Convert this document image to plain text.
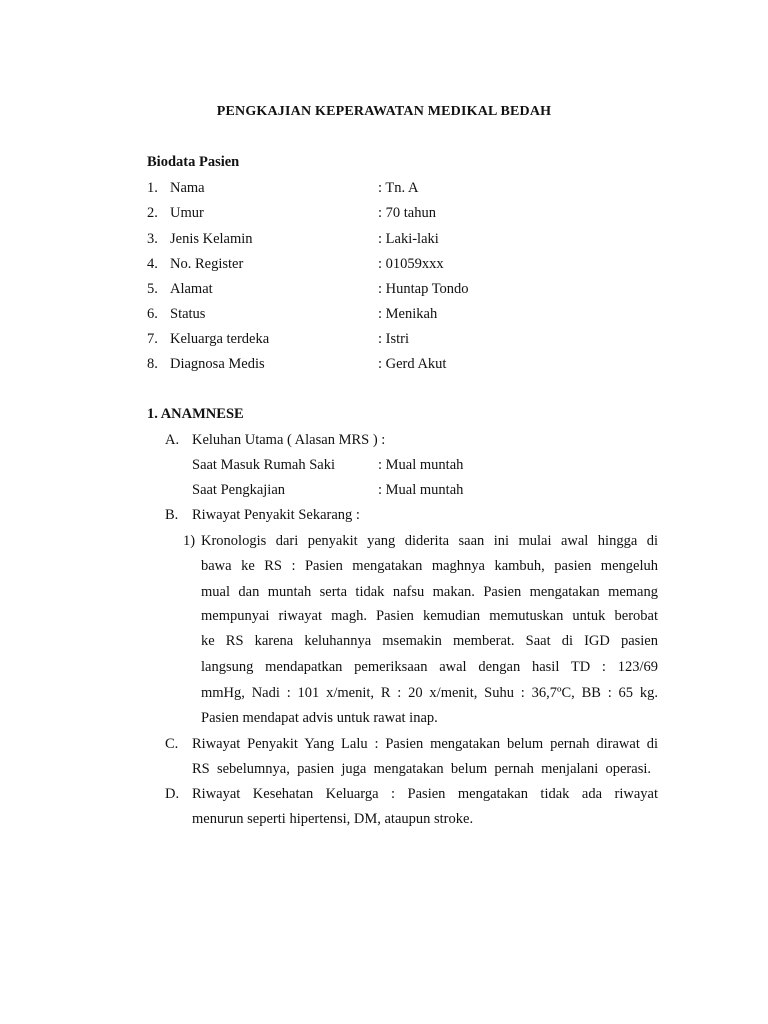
PENGKAJIAN KEPERAWATAN MEDIKAL BEDAH
Biodata Pasien
1. Nama	: Tn. A
2. Umur	: 70 tahun
3. Jenis Kelamin	: Laki-laki
4. No. Register	: 01059xxx
5. Alamat	: Huntap Tondo
6. Status	: Menikah
7. Keluarga terdeka	: Istri
8. Diagnosa Medis	: Gerd Akut
1. ANAMNESE
A. Keluhan Utama ( Alasan MRS ) :
Saat Masuk Rumah Saki	: Mual muntah
Saat Pengkajian	: Mual muntah
B. Riwayat Penyakit Sekarang :
1) Kronologis dari penyakit yang diderita saan ini mulai awal hingga di
bawa ke RS : Pasien mengatakan maghnya kambuh, pasien mengeluh
mual dan muntah serta tidak nafsu makan. Pasien mengatakan memang
mempunyai riwayat magh. Pasien kemudian memutuskan untuk berobat
ke RS karena keluhannya msemakin memberat. Saat di IGD pasien
langsung mendapatkan pemeriksaan awal dengan hasil TD : 123/69
mmHg, Nadi : 101 x/menit, R : 20 x/menit, Suhu : 36,7ºC, BB : 65 kg.
Pasien mendapat advis untuk rawat inap.
C. Riwayat Penyakit Yang Lalu : Pasien mengatakan belum pernah dirawat di
RS sebelumnya, pasien juga mengatakan belum pernah menjalani operasi.
D. Riwayat Kesehatan Keluarga : Pasien mengatakan tidak ada riwayat
menurun seperti hipertensi, DM, ataupun stroke.
